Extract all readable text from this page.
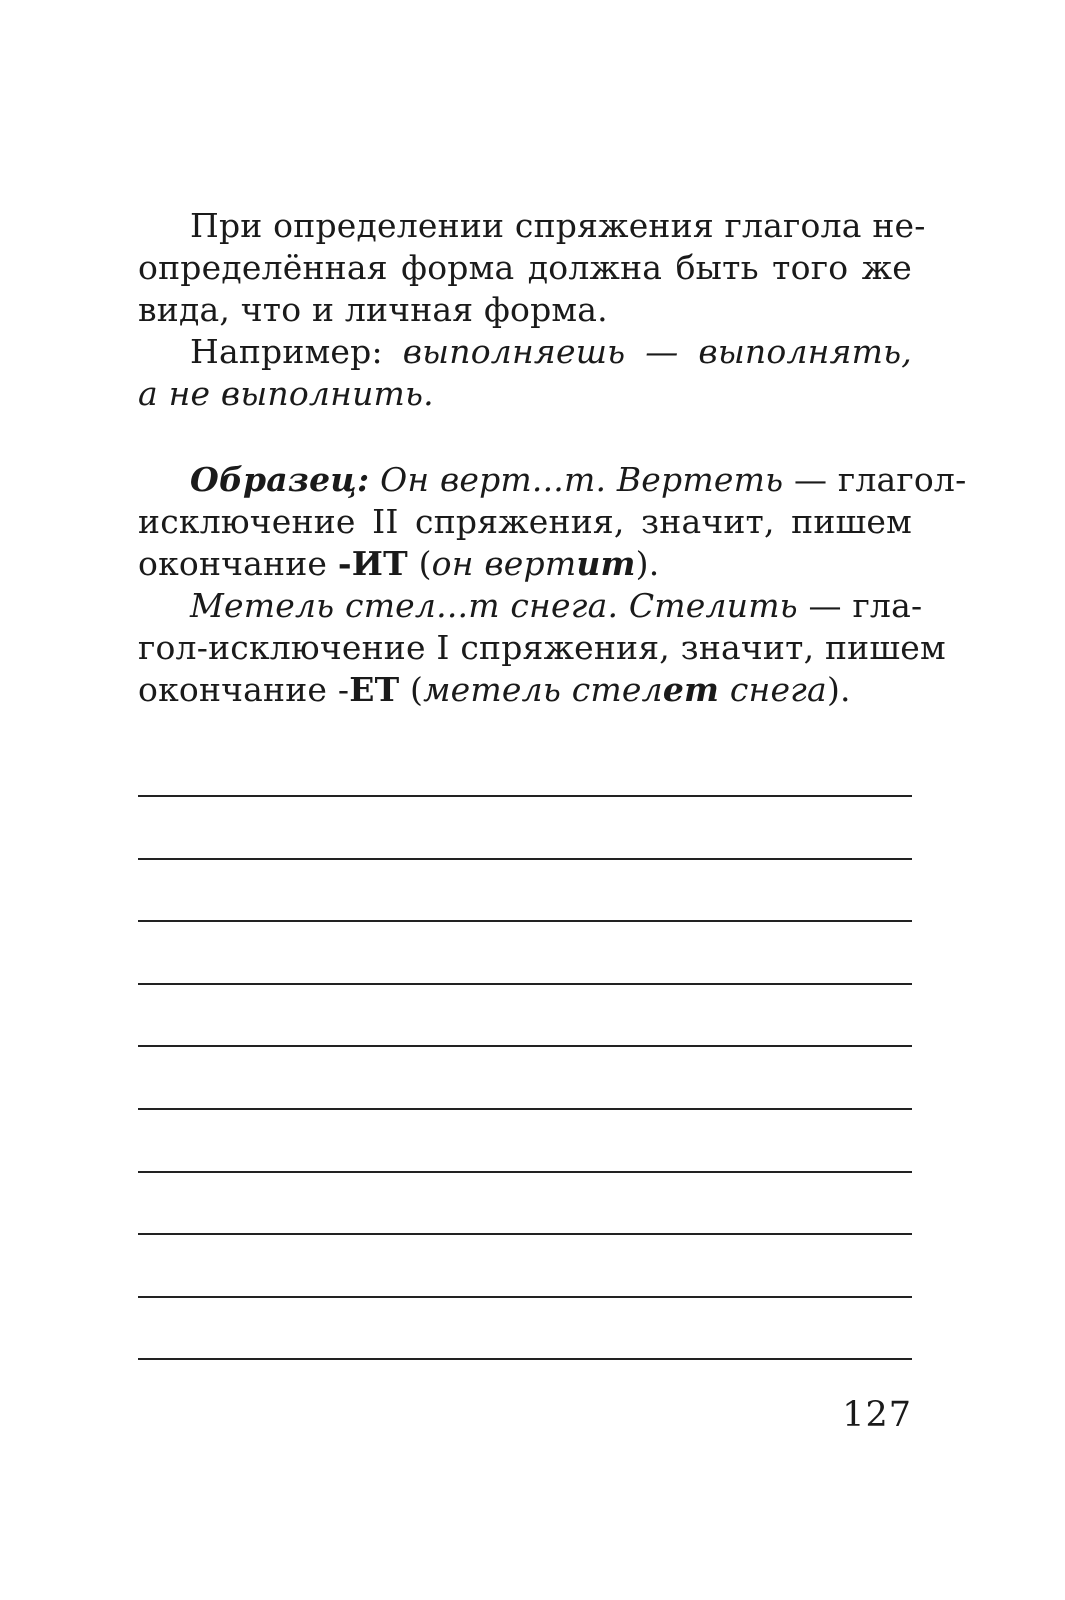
При определении спряжения глагола не-
определённая форма должна быть того же
вида, что и личная форма.
Например: выполняешь — выполнять,
а не выполнить.
Образец: Он верт...т. Вертеть — глагол-
исключение II спряжения, значит, пишем
окончание -ИТ (он вертит).
Метель стел...т снега. Стелить — гла-
гол-исключение I спряжения, значит, пишем
окончание -ЕТ (метель стелет снега).
127
